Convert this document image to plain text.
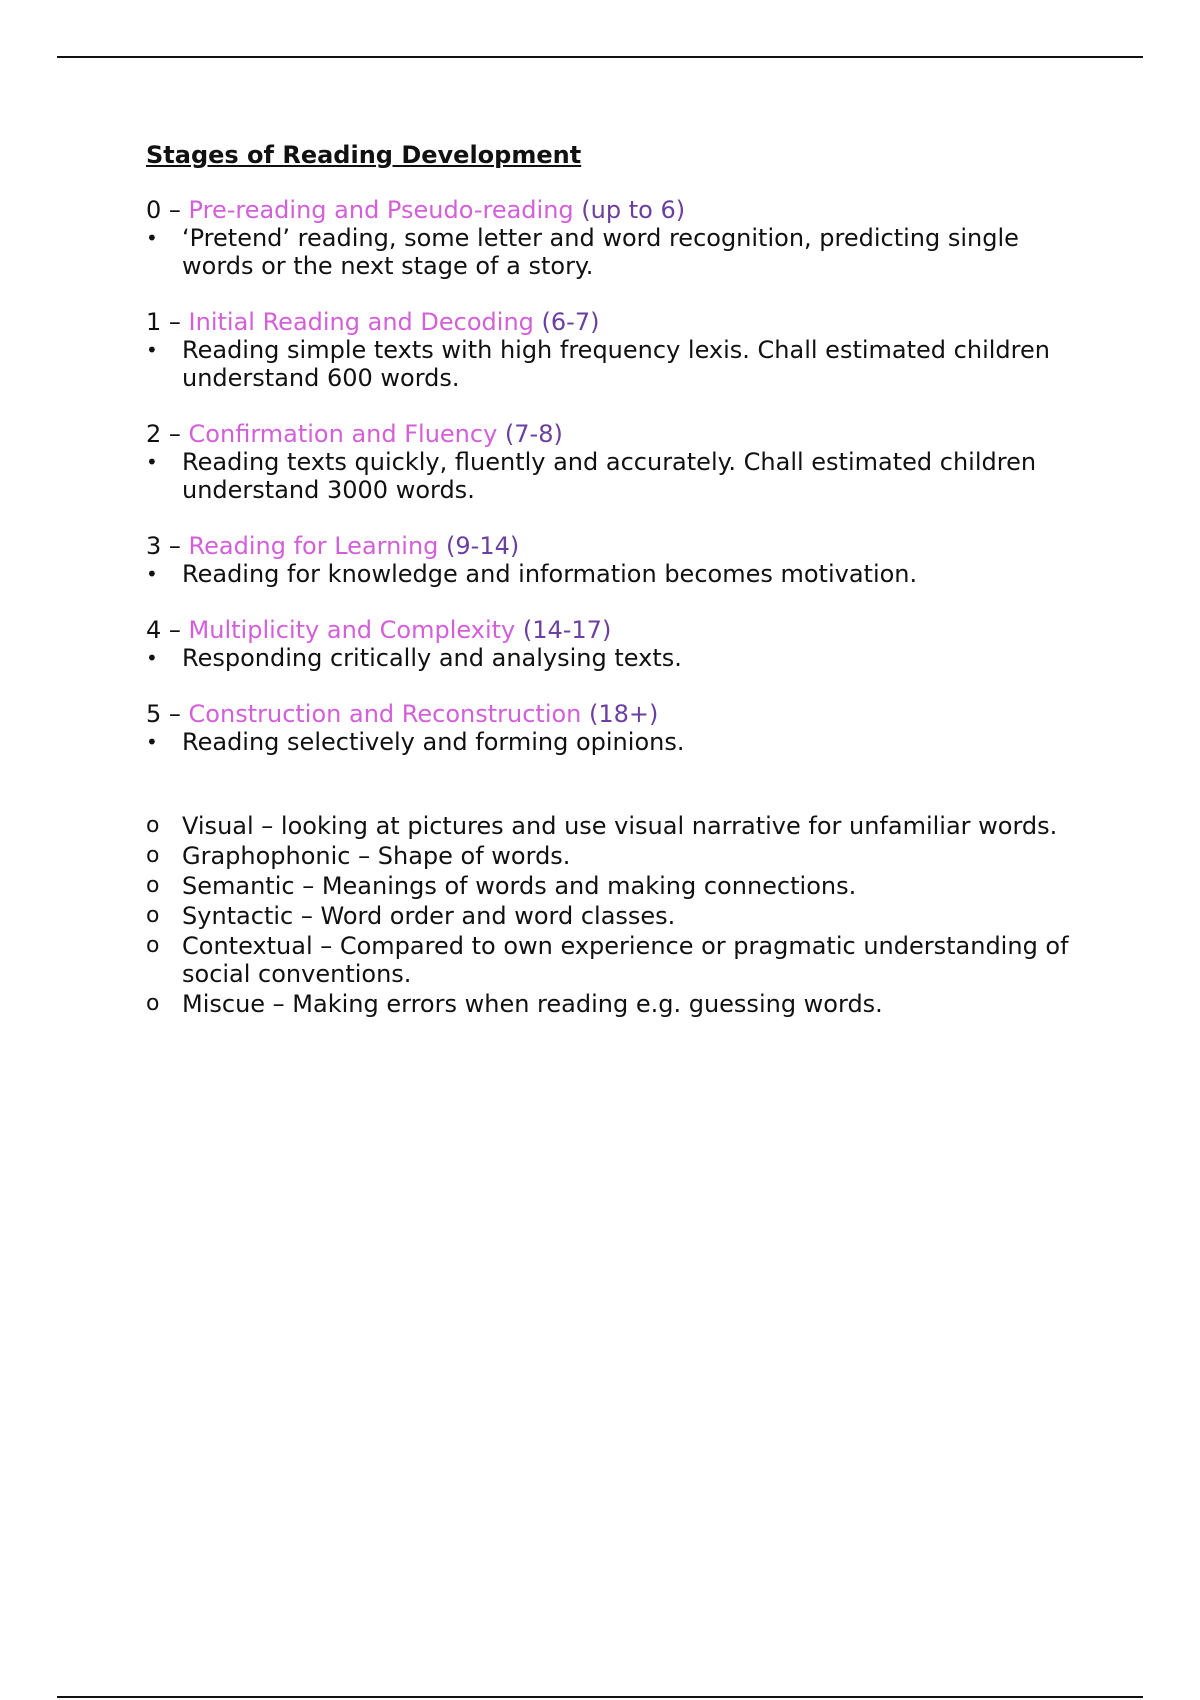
Stages of Reading Development
0 – Pre-reading and Pseudo-reading (up to 6)
•	‘Pretend’ reading, some letter and word recognition, predicting single words or the next stage of a story.
1 – Initial Reading and Decoding (6-7)
•	Reading simple texts with high frequency lexis. Chall estimated children understand 600 words.
2 – Confirmation and Fluency (7-8)
•	Reading texts quickly, fluently and accurately. Chall estimated children understand 3000 words.
3 – Reading for Learning (9-14)
•	Reading for knowledge and information becomes motivation.
4 – Multiplicity and Complexity (14-17)
•	Responding critically and analysing texts.
5 – Construction and Reconstruction (18+)
•	Reading selectively and forming opinions.
o Visual – looking at pictures and use visual narrative for unfamiliar words.
o Graphophonic – Shape of words.
o Semantic – Meanings of words and making connections.
o Syntactic – Word order and word classes.
o Contextual – Compared to own experience or pragmatic understanding of social conventions.
o Miscue – Making errors when reading e.g. guessing words.
